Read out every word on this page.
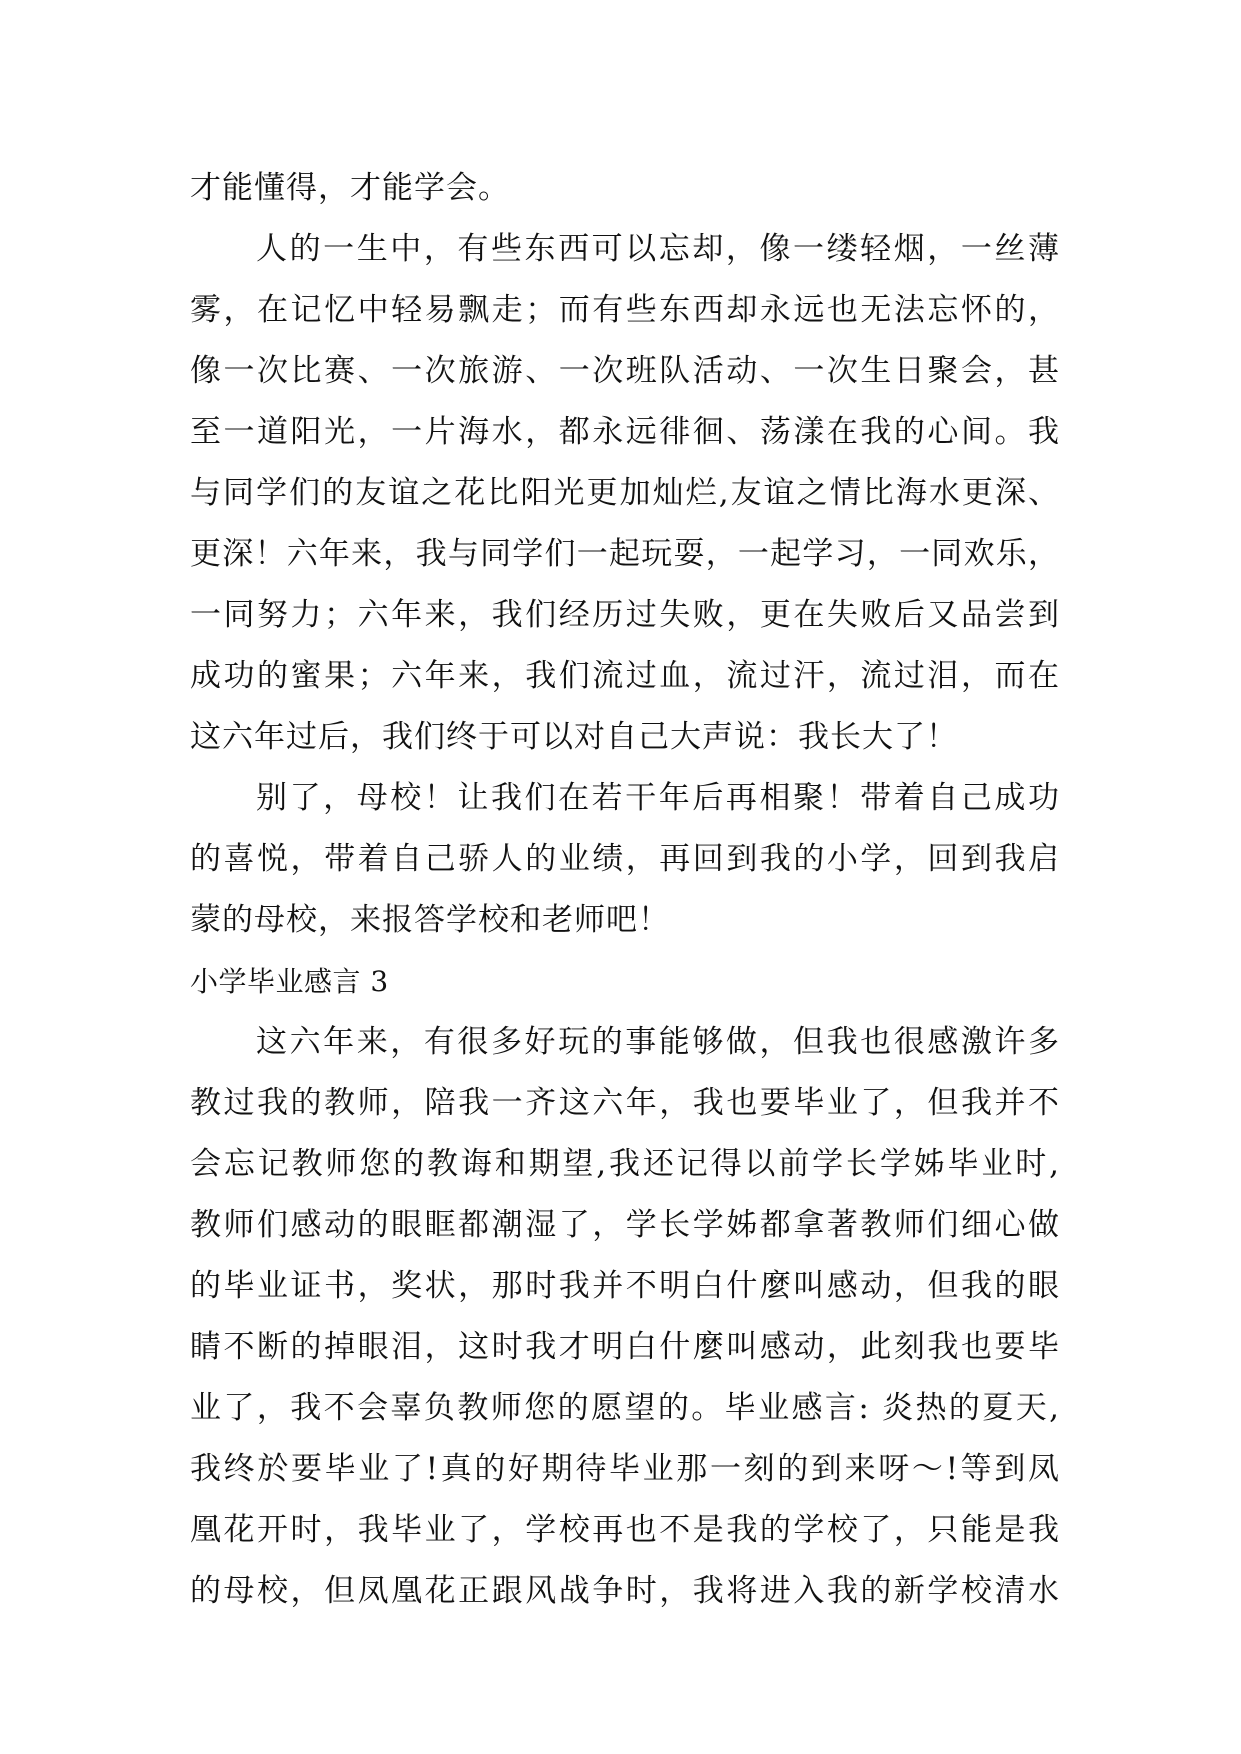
才能懂得，才能学会。
人的一生中，有些东西可以忘却，像一缕轻烟，一丝薄
雾，在记忆中轻易飘走；而有些东西却永远也无法忘怀的，
像一次比赛、一次旅游、一次班队活动、一次生日聚会，甚
至一道阳光，一片海水，都永远徘徊、荡漾在我的心间。我
与同学们的友谊之花比阳光更加灿烂,友谊之情比海水更深、
更深！六年来，我与同学们一起玩耍，一起学习，一同欢乐，
一同努力；六年来，我们经历过失败，更在失败后又品尝到
成功的蜜果；六年来，我们流过血，流过汗，流过泪，而在
这六年过后，我们终于可以对自己大声说：我长大了！
别了，母校！让我们在若干年后再相聚！带着自己成功
的喜悦，带着自己骄人的业绩，再回到我的小学，回到我启
蒙的母校，来报答学校和老师吧！
小学毕业感言 3
这六年来，有很多好玩的事能够做，但我也很感激许多
教过我的教师，陪我一齐这六年，我也要毕业了，但我并不
会忘记教师您的教诲和期望,我还记得以前学长学姊毕业时,
教师们感动的眼眶都潮湿了，学长学姊都拿著教师们细心做
的毕业证书，奖状，那时我并不明白什麼叫感动，但我的眼
睛不断的掉眼泪，这时我才明白什麼叫感动，此刻我也要毕
业了，我不会辜负教师您的愿望的。毕业感言: 炎热的夏天,
我终於要毕业了!真的好期待毕业那一刻的到来呀～!等到凤
凰花开时，我毕业了，学校再也不是我的学校了，只能是我
的母校，但凤凰花正跟风战争时，我将进入我的新学校清水
